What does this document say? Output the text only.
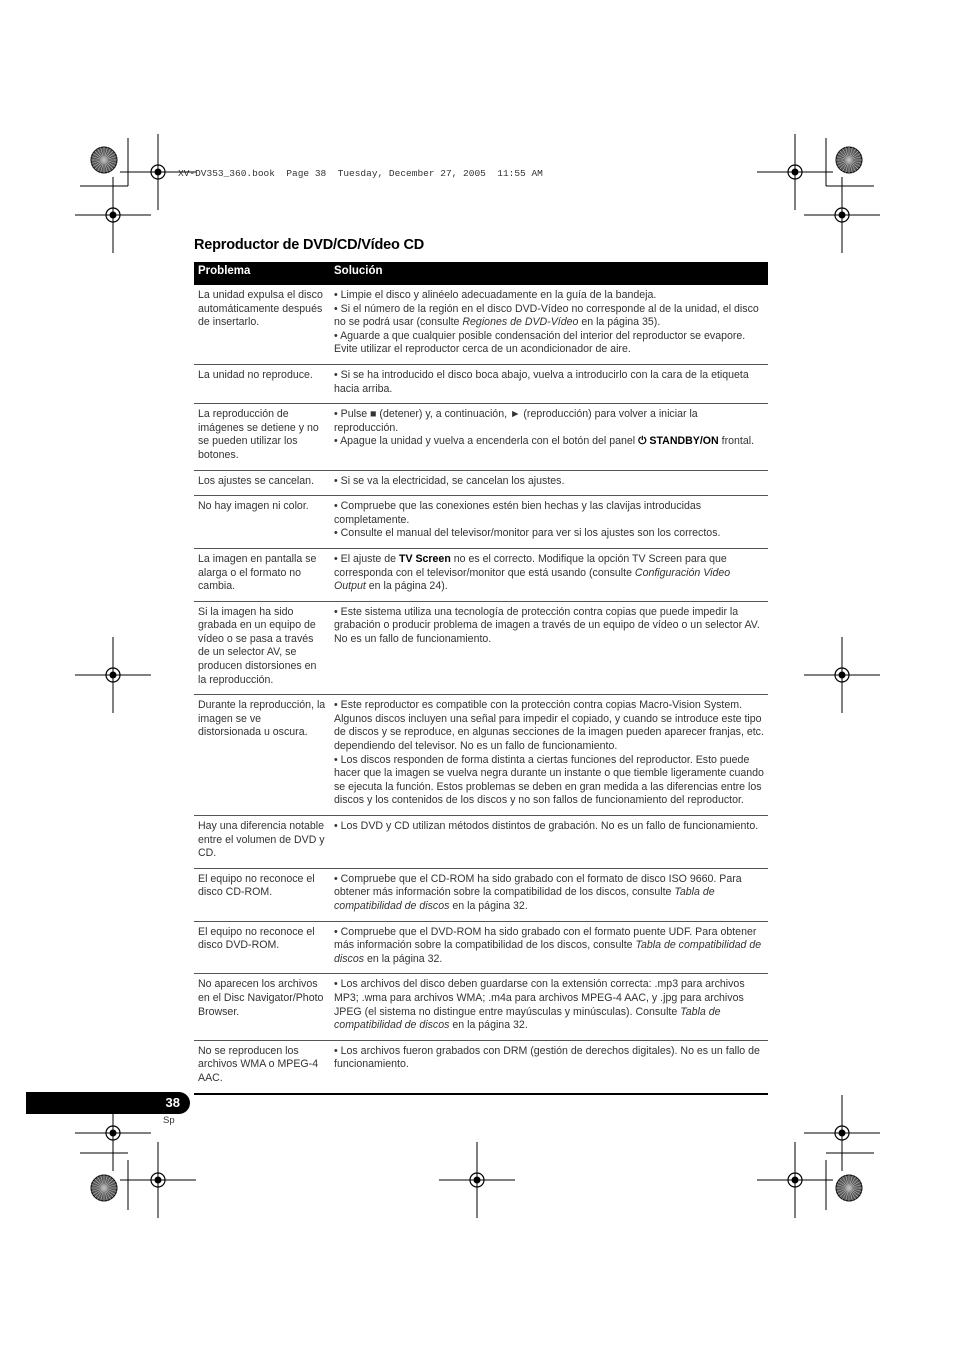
XV-DV353_360.book  Page 38  Tuesday, December 27, 2005  11:55 AM
Reproductor de DVD/CD/Vídeo CD
Problema	Solución
La unidad expulsa el disco automáticamente después de insertarlo.	• Limpie el disco y alinéelo adecuadamente en la guía de la bandeja.
• Si el número de la región en el disco DVD-Vídeo no corresponde al de la unidad, el disco no se podrá usar (consulte Regiones de DVD-Vídeo en la página 35).
• Aguarde a que cualquier posible condensación del interior del reproductor se evapore. Evite utilizar el reproductor cerca de un acondicionador de aire.

La unidad no reproduce.	• Si se ha introducido el disco boca abajo, vuelva a introducirlo con la cara de la etiqueta hacia arriba.

La reproducción de imágenes se detiene y no se pueden utilizar los botones.	• Pulse ■ (detener) y, a continuación, ► (reproducción) para volver a iniciar la reproducción.
• Apague la unidad y vuelva a encenderla con el botón del panel ⏻ STANDBY/ON frontal.

Los ajustes se cancelan.	• Si se va la electricidad, se cancelan los ajustes.

No hay imagen ni color.	• Compruebe que las conexiones estén bien hechas y las clavijas introducidas completamente.
• Consulte el manual del televisor/monitor para ver si los ajustes son los correctos.

La imagen en pantalla se alarga o el formato no cambia.	• El ajuste de TV Screen no es el correcto. Modifique la opción TV Screen para que corresponda con el televisor/monitor que está usando (consulte Configuración Video Output en la página 24).

Si la imagen ha sido grabada en un equipo de vídeo o se pasa a través de un selector AV, se producen distorsiones en la reproducción.	• Este sistema utiliza una tecnología de protección contra copias que puede impedir la grabación o producir problema de imagen a través de un equipo de vídeo o un selector AV. No es un fallo de funcionamiento.

Durante la reproducción, la imagen se ve distorsionada u oscura.	• Este reproductor es compatible con la protección contra copias Macro-Vision System. Algunos discos incluyen una señal para impedir el copiado, y cuando se introduce este tipo de discos y se reproduce, en algunas secciones de la imagen pueden aparecer franjas, etc. dependiendo del televisor. No es un fallo de funcionamiento.
• Los discos responden de forma distinta a ciertas funciones del reproductor. Esto puede hacer que la imagen se vuelva negra durante un instante o que tiemble ligeramente cuando se ejecuta la función. Estos problemas se deben en gran medida a las diferencias entre los discos y los contenidos de los discos y no son fallos de funcionamiento del reproductor.

Hay una diferencia notable entre el volumen de DVD y CD.	• Los DVD y CD utilizan métodos distintos de grabación. No es un fallo de funcionamiento.

El equipo no reconoce el disco CD-ROM.	• Compruebe que el CD-ROM ha sido grabado con el formato de disco ISO 9660. Para obtener más información sobre la compatibilidad de los discos, consulte Tabla de compatibilidad de discos en la página 32.

El equipo no reconoce el disco DVD-ROM.	• Compruebe que el DVD-ROM ha sido grabado con el formato puente UDF. Para obtener más información sobre la compatibilidad de los discos, consulte Tabla de compatibilidad de discos en la página 32.

No aparecen los archivos en el Disc Navigator/Photo Browser.	• Los archivos del disco deben guardarse con la extensión correcta: .mp3 para archivos MP3; .wma para archivos WMA; .m4a para archivos MPEG-4 AAC, y .jpg para archivos JPEG (el sistema no distingue entre mayúsculas y minúsculas). Consulte Tabla de compatibilidad de discos en la página 32.

No se reproducen los archivos WMA o MPEG-4 AAC.	• Los archivos fueron grabados con DRM (gestión de derechos digitales). No es un fallo de funcionamiento.
38
Sp
